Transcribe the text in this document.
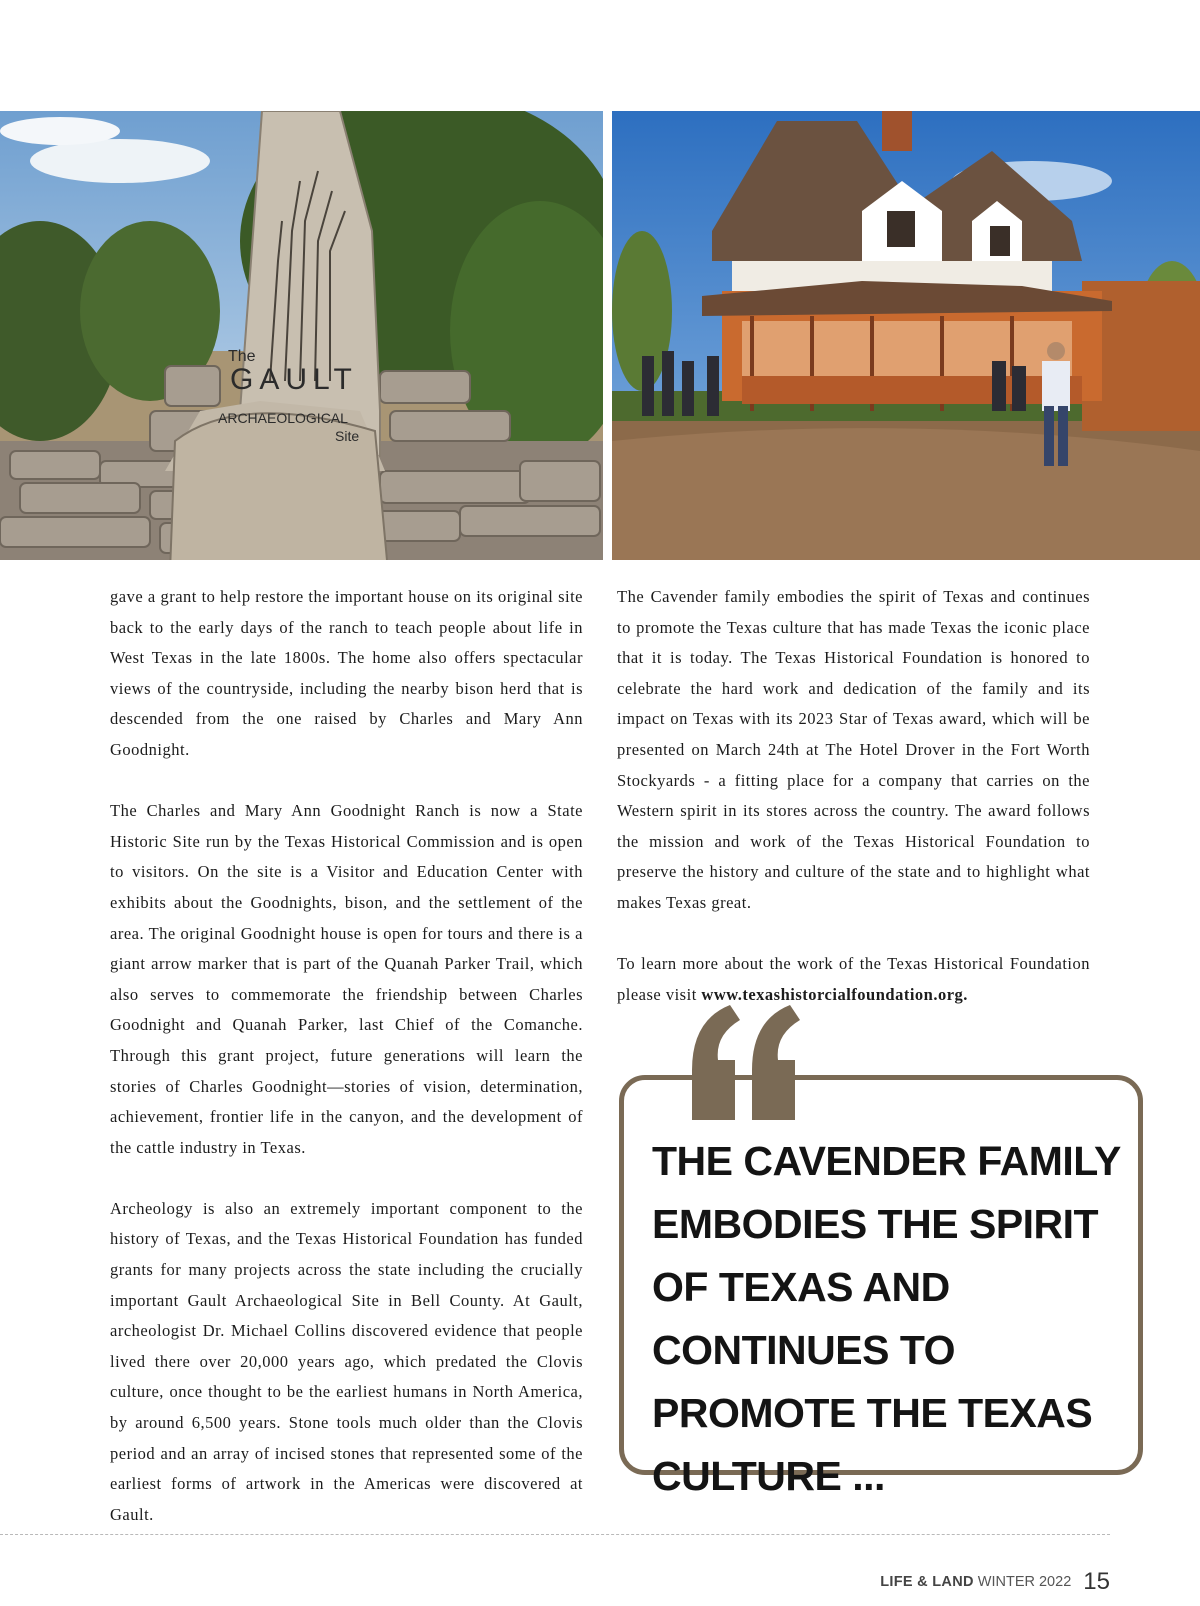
The
GAULT
ARCHAEOLOGICAL
Site

gave a grant to help restore the important house on its original site back to the early days of the ranch to teach people about life in West Texas in the late 1800s. The home also offers spectacular views of the countryside, including the nearby bison herd that is descended from the one raised by Charles and Mary Ann Goodnight.

The Charles and Mary Ann Goodnight Ranch is now a State Historic Site run by the Texas Historical Commission and is open to visitors. On the site is a Visitor and Education Center with exhibits about the Goodnights, bison, and the settlement of the area. The original Goodnight house is open for tours and there is a giant arrow marker that is part of the Quanah Parker Trail, which also serves to commemorate the friendship between Charles Goodnight and Quanah Parker, last Chief of the Comanche. Through this grant project, future generations will learn the stories of Charles Goodnight—stories of vision, determination, achievement, frontier life in the canyon, and the development of the cattle industry in Texas.

Archeology is also an extremely important component to the history of Texas, and the Texas Historical Foundation has funded grants for many projects across the state including the crucially important Gault Archaeological Site in Bell County. At Gault, archeologist Dr. Michael Collins discovered evidence that people lived there over 20,000 years ago, which predated the Clovis culture, once thought to be the earliest humans in North America, by around 6,500 years. Stone tools much older than the Clovis period and an array of incised stones that represented some of the earliest forms of artwork in the Americas were discovered at Gault.

The Cavender family embodies the spirit of Texas and continues to promote the Texas culture that has made Texas the iconic place that it is today. The Texas Historical Foundation is honored to celebrate the hard work and dedication of the family and its impact on Texas with its 2023 Star of Texas award, which will be presented on March 24th at The Hotel Drover in the Fort Worth Stockyards - a fitting place for a company that carries on the Western spirit in its stores across the country. The award follows the mission and work of the Texas Historical Foundation to preserve the history and culture of the state and to highlight what makes Texas great.

To learn more about the work of the Texas Historical Foundation please visit www.texashistorcialfoundation.org.

THE CAVENDER FAMILY EMBODIES THE SPIRIT OF TEXAS AND CONTINUES TO PROMOTE THE TEXAS CULTURE ...
LIFE & LAND WINTER 2022 15
